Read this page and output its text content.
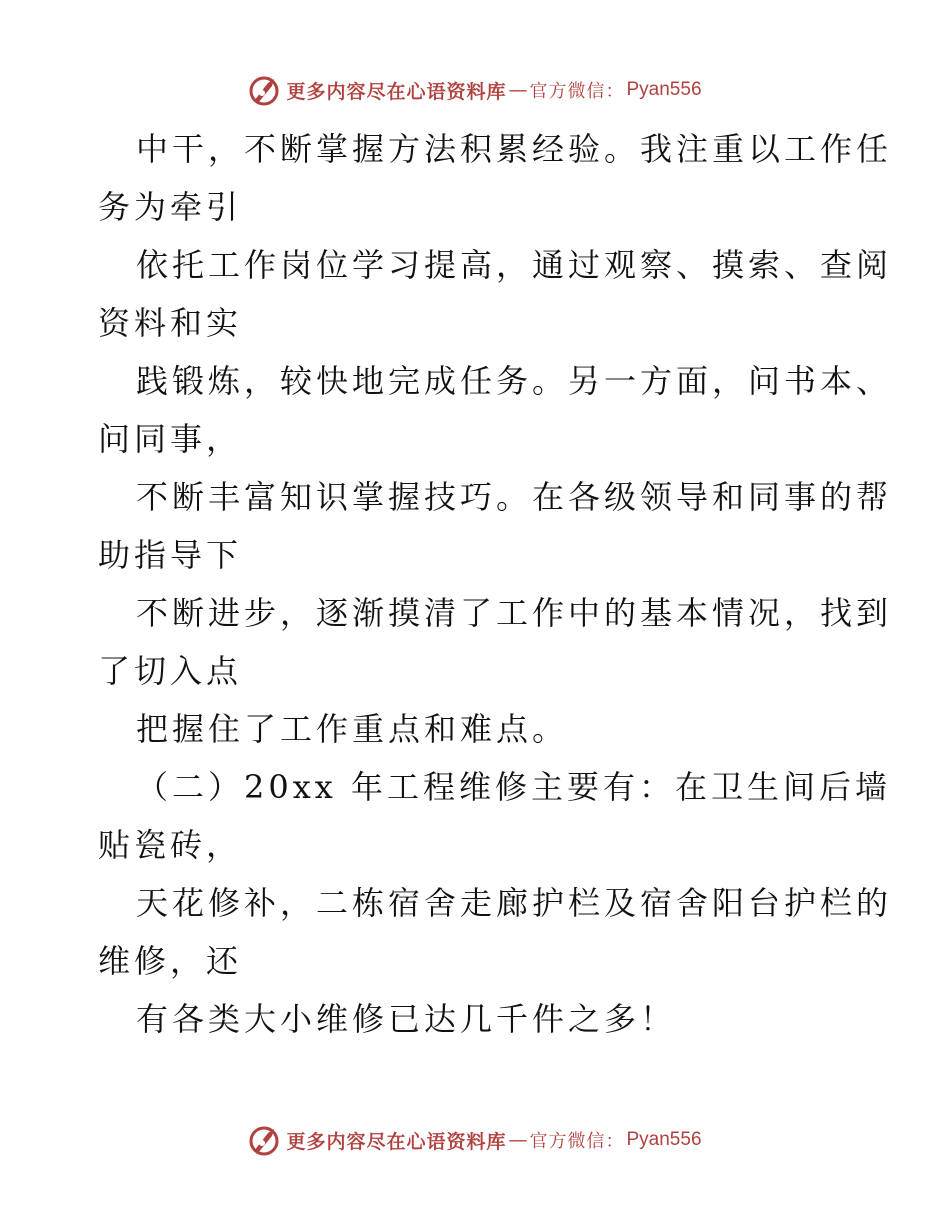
更多内容尽在心语资料库 — 官方微信： Pyan556
中干，不断掌握方法积累经验。我注重以工作任
务为牵引
依托工作岗位学习提高，通过观察、摸索、查阅
资料和实
践锻炼，较快地完成任务。另一方面，问书本、
问同事，
不断丰富知识掌握技巧。在各级领导和同事的帮
助指导下
不断进步，逐渐摸清了工作中的基本情况，找到
了切入点
把握住了工作重点和难点。
（二）20xx 年工程维修主要有：在卫生间后墙
贴瓷砖，
天花修补，二栋宿舍走廊护栏及宿舍阳台护栏的
维修，还
有各类大小维修已达几千件之多！
更多内容尽在心语资料库 — 官方微信： Pyan556
